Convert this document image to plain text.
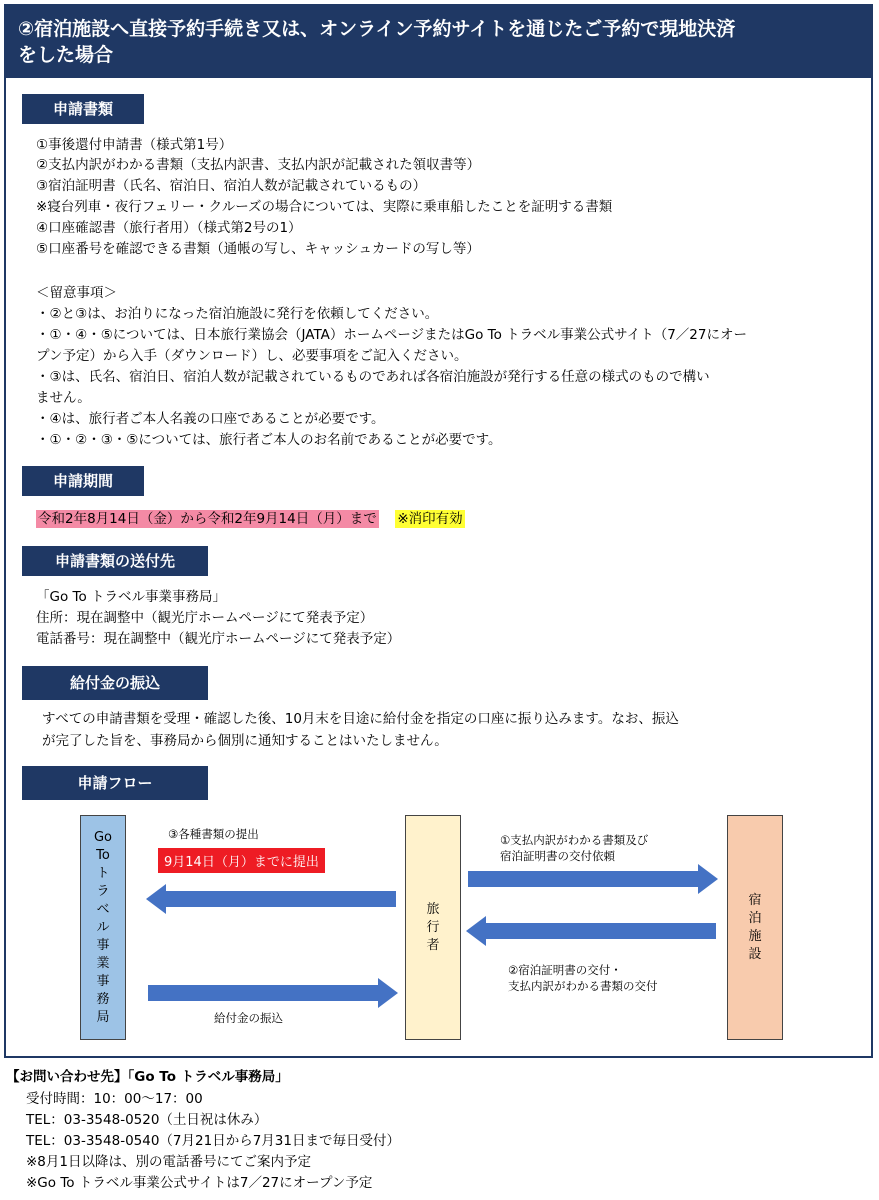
②宿泊施設へ直接予約手続き又は、オンライン予約サイトを通じたご予約で現地決済
をした場合
申請書類
①事後還付申請書（様式第1号）
②支払内訳がわかる書類（支払内訳書、支払内訳が記載された領収書等）
③宿泊証明書（氏名、宿泊日、宿泊人数が記載されているもの）
※寝台列車・夜行フェリー・クルーズの場合については、実際に乗車船したことを証明する書類
④口座確認書（旅行者用）（様式第2号の1）
⑤口座番号を確認できる書類（通帳の写し、キャッシュカードの写し等）
＜留意事項＞
・②と③は、お泊りになった宿泊施設に発行を依頼してください。
・①・④・⑤については、日本旅行業協会（JATA）ホームページまたはGo To トラベル事業公式サイト（7／27にオー
プン予定）から入手（ダウンロード）し、必要事項をご記入ください。
・③は、氏名、宿泊日、宿泊人数が記載されているものであれば各宿泊施設が発行する任意の様式のもので構い
ません。
・④は、旅行者ご本人名義の口座であることが必要です。
・①・②・③・⑤については、旅行者ご本人のお名前であることが必要です。
申請期間
令和2年8月14日（金）から令和2年9月14日（月）まで ※消印有効
申請書類の送付先
「Go To トラベル事業事務局」
住所：現在調整中（観光庁ホームページにて発表予定）
電話番号：現在調整中（観光庁ホームページにて発表予定）
給付金の振込
すべての申請書類を受理・確認した後、10月末を目途に給付金を指定の口座に振り込みます。なお、振込
が完了した旨を、事務局から個別に通知することはいたしません。
申請フロー
Go
To
ト
ラ
ベ
ル
事
業
事
務
局
旅
行
者
宿
泊
施
設
③各種書類の提出
9月14日（月）までに提出
給付金の振込
①支払内訳がわかる書類及び
宿泊証明書の交付依頼
②宿泊証明書の交付・
支払内訳がわかる書類の交付
【お問い合わせ先】「Go To トラベル事務局」
受付時間：10：00～17：00
TEL：03-3548-0520（土日祝は休み）
TEL：03-3548-0540（7月21日から7月31日まで毎日受付）
※8月1日以降は、別の電話番号にてご案内予定
※Go To トラベル事業公式サイトは7／27にオープン予定
